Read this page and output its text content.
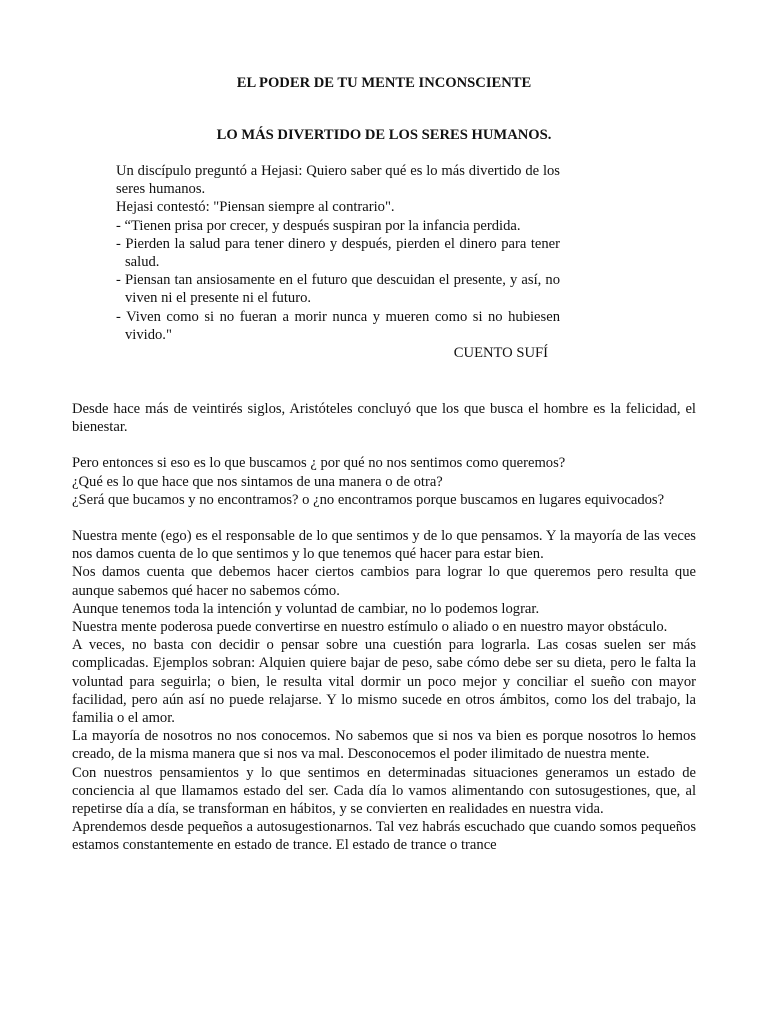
EL PODER DE TU MENTE INCONSCIENTE
LO MÁS DIVERTIDO DE LOS SERES HUMANOS.

Un discípulo preguntó a Hejasi: Quiero saber qué es lo más divertido de los seres humanos.

Hejasi contestó: "Piensan siempre al contrario".

- “Tienen prisa por crecer, y después suspiran por la infancia perdida.

- Pierden la salud para tener dinero y después, pierden el dinero para tener salud.

- Piensan tan ansiosamente en el futuro que descuidan el presente, y así, no viven ni el presente ni el futuro.

- Viven como si no fueran a morir nunca y mueren como si no hubiesen vivido."

CUENTO SUFÍ

Desde hace más de veintirés siglos, Aristóteles concluyó que los que busca el hombre es la felicidad, el bienestar.

Pero entonces si eso es lo que buscamos ¿ por qué no nos sentimos como queremos?

¿Qué es lo que hace que nos sintamos de una manera o de otra?

¿Será que bucamos y no encontramos? o ¿no encontramos porque buscamos en lugares equivocados?

Nuestra mente (ego) es el responsable de lo que sentimos y de lo que pensamos. Y la mayoría de las veces nos damos cuenta de lo que sentimos y lo que tenemos qué hacer para estar bien.

Nos damos cuenta que debemos hacer ciertos cambios para lograr lo que queremos pero resulta que aunque sabemos qué hacer no sabemos cómo.

Aunque tenemos toda la intención y voluntad de cambiar, no lo podemos lograr.

Nuestra mente poderosa puede convertirse en nuestro estímulo o aliado o en nuestro mayor obstáculo.

A veces, no basta con decidir o pensar sobre una cuestión para lograrla. Las cosas suelen ser más complicadas. Ejemplos sobran: Alquien quiere bajar de peso, sabe cómo debe ser su dieta, pero le falta la voluntad para seguirla; o bien, le resulta vital dormir un poco mejor y conciliar el sueño con mayor facilidad, pero aún así no puede relajarse. Y lo mismo sucede en otros ámbitos, como los del trabajo, la familia o el amor.

La mayoría de nosotros no nos conocemos. No sabemos que si nos va bien es porque nosotros lo hemos creado, de la misma manera que si nos va mal. Desconocemos el poder ilimitado de nuestra mente.

Con nuestros pensamientos y lo que sentimos en determinadas situaciones generamos un estado de conciencia al que llamamos estado del ser. Cada día lo vamos alimentando con sutosugestiones, que, al repetirse día a día, se transforman en hábitos, y se convierten en realidades en nuestra vida.

Aprendemos desde pequeños a autosugestionarnos. Tal vez habrás escuchado que cuando somos pequeños estamos constantemente en estado de trance. El estado de trance o trance
